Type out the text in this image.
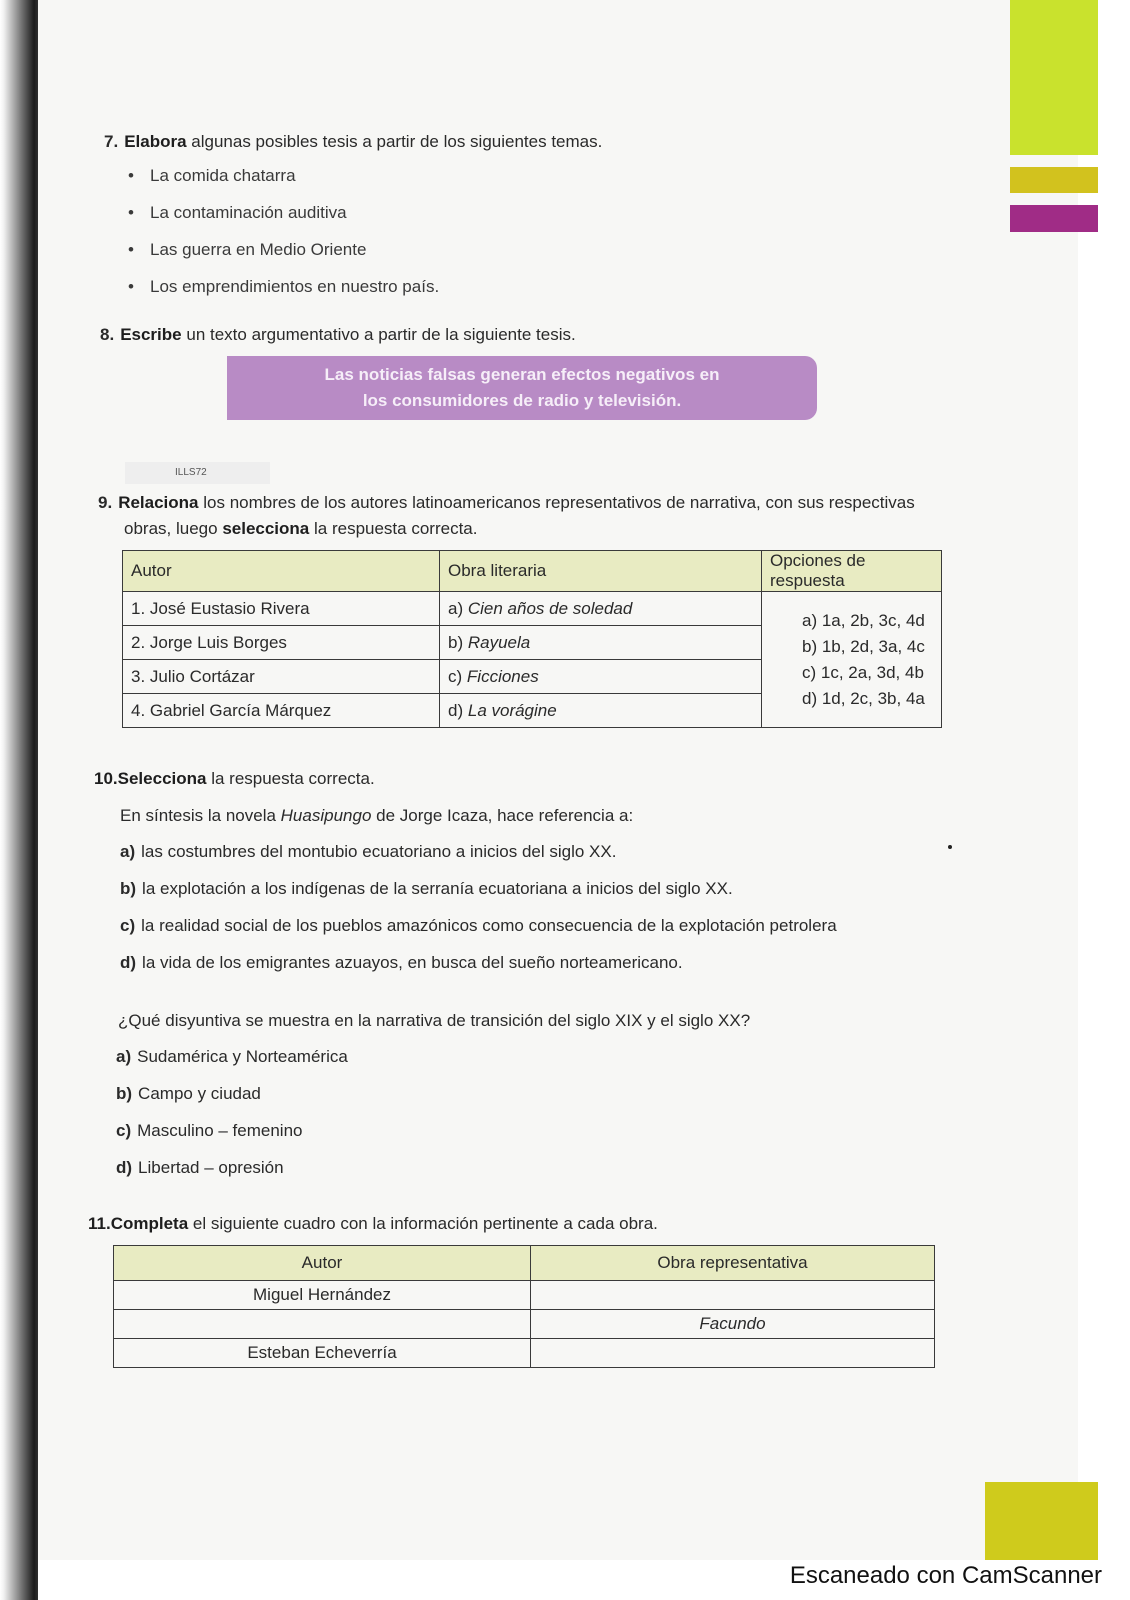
7. Elabora algunas posibles tesis a partir de los siguientes temas.
• La comida chatarra
• La contaminación auditiva
• Las guerra en Medio Oriente
• Los emprendimientos en nuestro país.
8. Escribe un texto argumentativo a partir de la siguiente tesis.
Las noticias falsas generan efectos negativos en
los consumidores de radio y televisión.
ILLS72
9. Relaciona los nombres de los autores latinoamericanos representativos de narrativa, con sus respectivas
obras, luego selecciona la respuesta correcta.
Autor	Obra literaria	Opciones de respuesta
1. José Eustasio Rivera	a) Cien años de soledad	a) 1a, 2b, 3c, 4d
b) 1b, 2d, 3a, 4c
c) 1c, 2a, 3d, 4b
d) 1d, 2c, 3b, 4a

2. Jorge Luis Borges	b) Rayuela	
3. Julio Cortázar	c) Ficciones	
4. Gabriel García Márquez	d) La vorágine	
10.Selecciona la respuesta correcta.
En síntesis la novela Huasipungo de Jorge Icaza, hace referencia a:
a) las costumbres del montubio ecuatoriano a inicios del siglo XX.
b) la explotación a los indígenas de la serranía ecuatoriana a inicios del siglo XX.
c) la realidad social de los pueblos amazónicos como consecuencia de la explotación petrolera
d) la vida de los emigrantes azuayos, en busca del sueño norteamericano.
¿Qué disyuntiva se muestra en la narrativa de transición del siglo XIX y el siglo XX?
a) Sudamérica y Norteamérica
b) Campo y ciudad
c) Masculino – femenino
d) Libertad – opresión
11.Completa el siguiente cuadro con la información pertinente a cada obra.
Autor	Obra representativa
Miguel Hernández	
	Facundo
Esteban Echeverría	
Escaneado con CamScanner
